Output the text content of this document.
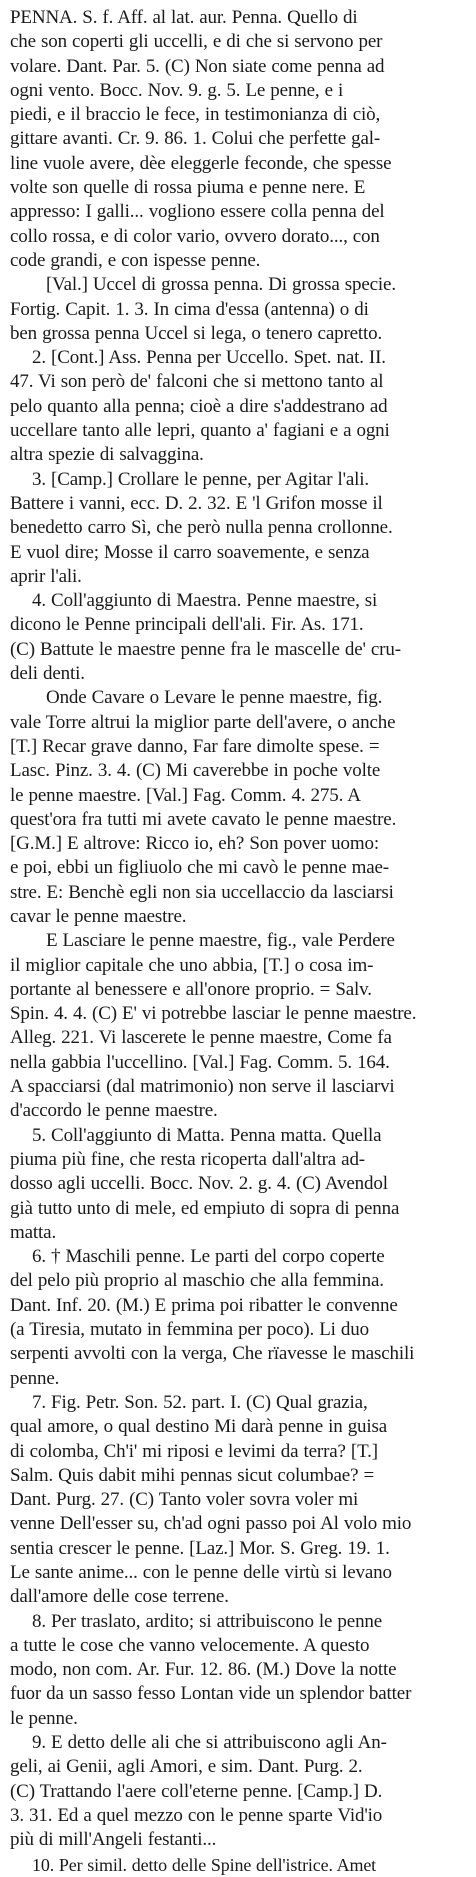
PENNA. S. f. Aff. al lat. aur. Penna. Quello di
che son coperti gli uccelli, e di che si servono per
volare. Dant. Par. 5. (C) Non siate come penna ad
ogni vento. Bocc. Nov. 9. g. 5. Le penne, e i
piedi, e il braccio le fece, in testimonianza di ciò,
gittare avanti. Cr. 9. 86. 1. Colui che perfette gal-
line vuole avere, dèe eleggerle feconde, che spesse
volte son quelle di rossa piuma e penne nere. E
appresso: I galli... vogliono essere colla penna del
collo rossa, e di color vario, ovvero dorato..., con
code grandi, e con ispesse penne.
[Val.] Uccel di grossa penna. Di grossa specie.
Fortig. Capit. 1. 3. In cima d'essa (antenna) o di
ben grossa penna Uccel si lega, o tenero capretto.
2. [Cont.] Ass. Penna per Uccello. Spet. nat. II.
47. Vi son però de' falconi che si mettono tanto al
pelo quanto alla penna; cioè a dire s'addestrano ad
uccellare tanto alle lepri, quanto a' fagiani e a ogni
altra spezie di salvaggina.
3. [Camp.] Crollare le penne, per Agitar l'ali.
Battere i vanni, ecc. D. 2. 32. E 'l Grifon mosse il
benedetto carro Sì, che però nulla penna crollonne.
E vuol dire; Mosse il carro soavemente, e senza
aprir l'ali.
4. Coll'aggiunto di Maestra. Penne maestre, si
dicono le Penne principali dell'ali. Fir. As. 171.
(C) Battute le maestre penne fra le mascelle de' cru-
deli denti.
Onde Cavare o Levare le penne maestre, fig.
vale Torre altrui la miglior parte dell'avere, o anche
[T.] Recar grave danno, Far fare dimolte spese. =
Lasc. Pinz. 3. 4. (C) Mi caverebbe in poche volte
le penne maestre. [Val.] Fag. Comm. 4. 275. A
quest'ora fra tutti mi avete cavato le penne maestre.
[G.M.] E altrove: Ricco io, eh? Son pover uomo:
e poi, ebbi un figliuolo che mi cavò le penne mae-
stre. E: Benchè egli non sia uccellaccio da lasciarsi
cavar le penne maestre.
E Lasciare le penne maestre, fig., vale Perdere
il miglior capitale che uno abbia, [T.] o cosa im-
portante al benessere e all'onore proprio. = Salv.
Spin. 4. 4. (C) E' vi potrebbe lasciar le penne maestre.
Alleg. 221. Vi lascerete le penne maestre, Come fa
nella gabbia l'uccellino. [Val.] Fag. Comm. 5. 164.
A spacciarsi (dal matrimonio) non serve il lasciarvi
d'accordo le penne maestre.
5. Coll'aggiunto di Matta. Penna matta. Quella
piuma più fine, che resta ricoperta dall'altra ad-
dosso agli uccelli. Bocc. Nov. 2. g. 4. (C) Avendol
già tutto unto di mele, ed empiuto di sopra di penna
matta.
6. † Maschili penne. Le parti del corpo coperte
del pelo più proprio al maschio che alla femmina.
Dant. Inf. 20. (M.) E prima poi ribatter le convenne
(a Tiresia, mutato in femmina per poco). Li duo
serpenti avvolti con la verga, Che rïavesse le maschili
penne.
7. Fig. Petr. Son. 52. part. I. (C) Qual grazia,
qual amore, o qual destino Mi darà penne in guisa
di colomba, Ch'i' mi riposi e levimi da terra? [T.]
Salm. Quis dabit mihi pennas sicut columbae? =
Dant. Purg. 27. (C) Tanto voler sovra voler mi
venne Dell'esser su, ch'ad ogni passo poi Al volo mio
sentia crescer le penne. [Laz.] Mor. S. Greg. 19. 1.
Le sante anime... con le penne delle virtù si levano
dall'amore delle cose terrene.
8. Per traslato, ardito; si attribuiscono le penne
a tutte le cose che vanno velocemente. A questo
modo, non com. Ar. Fur. 12. 86. (M.) Dove la notte
fuor da un sasso fesso Lontan vide un splendor batter
le penne.
9. E detto delle ali che si attribuiscono agli An-
geli, ai Genii, agli Amori, e sim. Dant. Purg. 2.
(C) Trattando l'aere coll'eterne penne. [Camp.] D.
3. 31. Ed a quel mezzo con le penne sparte Vid'io
più di mill'Angeli festanti...
10. Per simil. detto delle Spine dell'istrice. Amet
